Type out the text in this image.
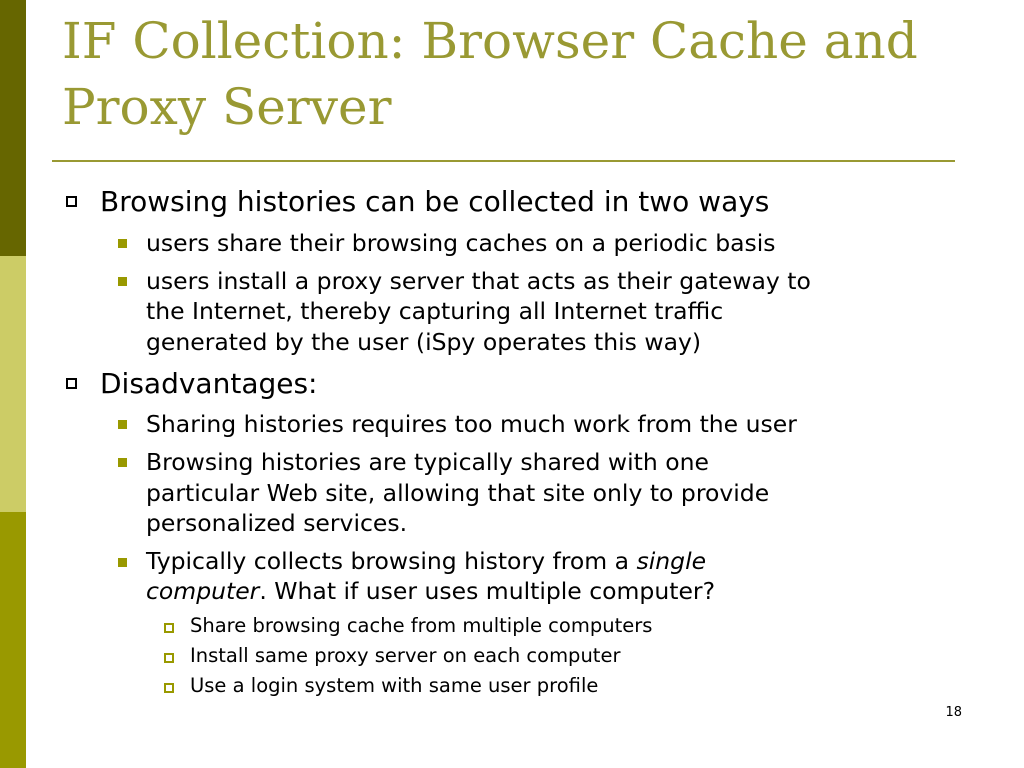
IF Collection: Browser Cache and
Proxy Server
Browsing histories can be collected in two ways
users share their browsing caches on a periodic basis
users install a proxy server that acts as their gateway to
the Internet, thereby capturing all Internet traffic
generated by the user (iSpy operates this way)
Disadvantages:
Sharing histories requires too much work from the user
Browsing histories are typically shared with one
particular Web site, allowing that site only to provide
personalized services.
Typically collects browsing history from a single
computer. What if user uses multiple computer?
Share browsing cache from multiple computers
Install same proxy server on each computer
Use a login system with same user profile
18
